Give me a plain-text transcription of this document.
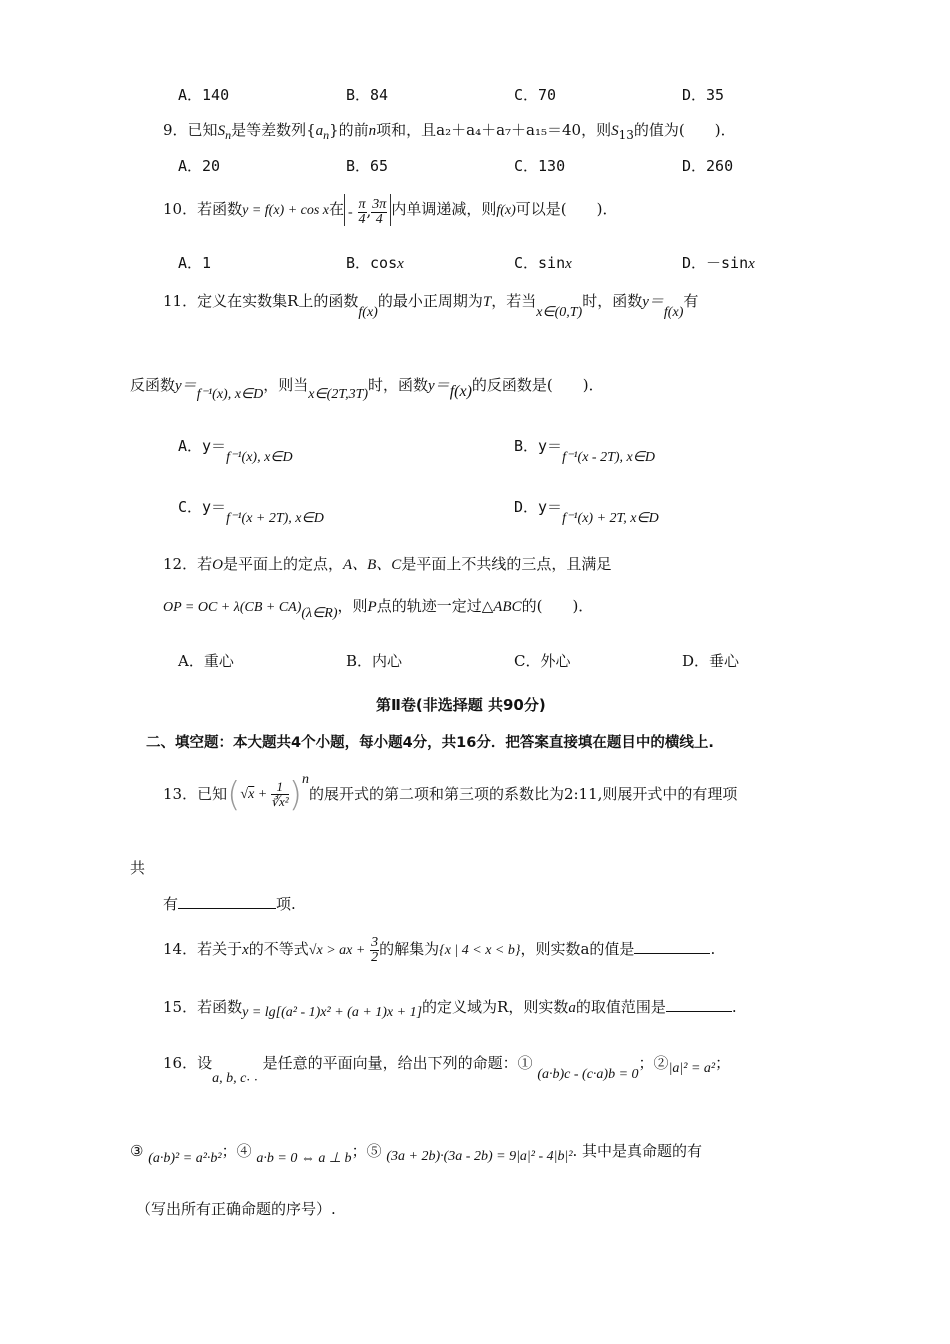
A．140	B．84	C．70	D．35
9．已知$S_n$是等差数列$\{a_n\}$的前n项和，且a₂＋a₄＋a₇＋a₁₅＝40，则$S_{13}$的值为(　　)．
A．20	B．65	C．130	D．260
10．若函数y = f(x) + cos x在 - $\frac{\pi}{4}$ , $\frac{3\pi}{4}$ 内单调递减，则f(x)可以是(　　)．
A．1	B．cosx	C．sinx	D．－sinx
11．定义在实数集R上的函数f(x)的最小正周期为T，若当x∈(0,T)时，函数y＝f(x)有
反函数y＝f⁻¹(x), x∈D，则当x∈(2T,3T)时，函数y＝f(x)的反函数是(　　)．
A．y＝f⁻¹(x), x∈D
B．y＝f⁻¹(x - 2T), x∈D
C．y＝f⁻¹(x + 2T), x∈D
D．y＝f⁻¹(x) + 2T, x∈D
12．若O是平面上的定点，A、B、C是平面上不共线的三点，且满足
OP = OC + λ(CB + CA)(λ∈R)，则P点的轨迹一定过△ABC的(　　)．
A．重心	B．内心	C．外心	D．垂心
第Ⅱ卷(非选择题 共90分)
二、填空题：本大题共4个小题，每小题4分，共16分．把答案直接填在题目中的横线上.
13．已知$(√x + \frac{1}{\text{∛x²}} )^n$的展开式的第二项和第三项的系数比为2:11,则展开式中的有理项
共
有	项.
14．若关于x的不等式√x > ax + $\frac{3}{2}$ 的解集为{x | 4 < x < b}，则实数a的值是	.
15．若函数y = lg[(a² - 1)x² + (a + 1)x + 1]的定义域为R，则实数a的取值范围是	.
16．设a, b, $c_{\cdot \cdot}$ 是任意的平面向量，给出下列的命题：① (a·b)c - (c·a)b = 0；②|a|² = a²；
③ (a·b)² = a²·b²；④ a·b = 0 ⇔ a ⊥ b；⑤ (3a + 2b)·(3a - 2b) = 9|a|² - 4|b|². 其中是真命题的有
（写出所有正确命题的序号）.
